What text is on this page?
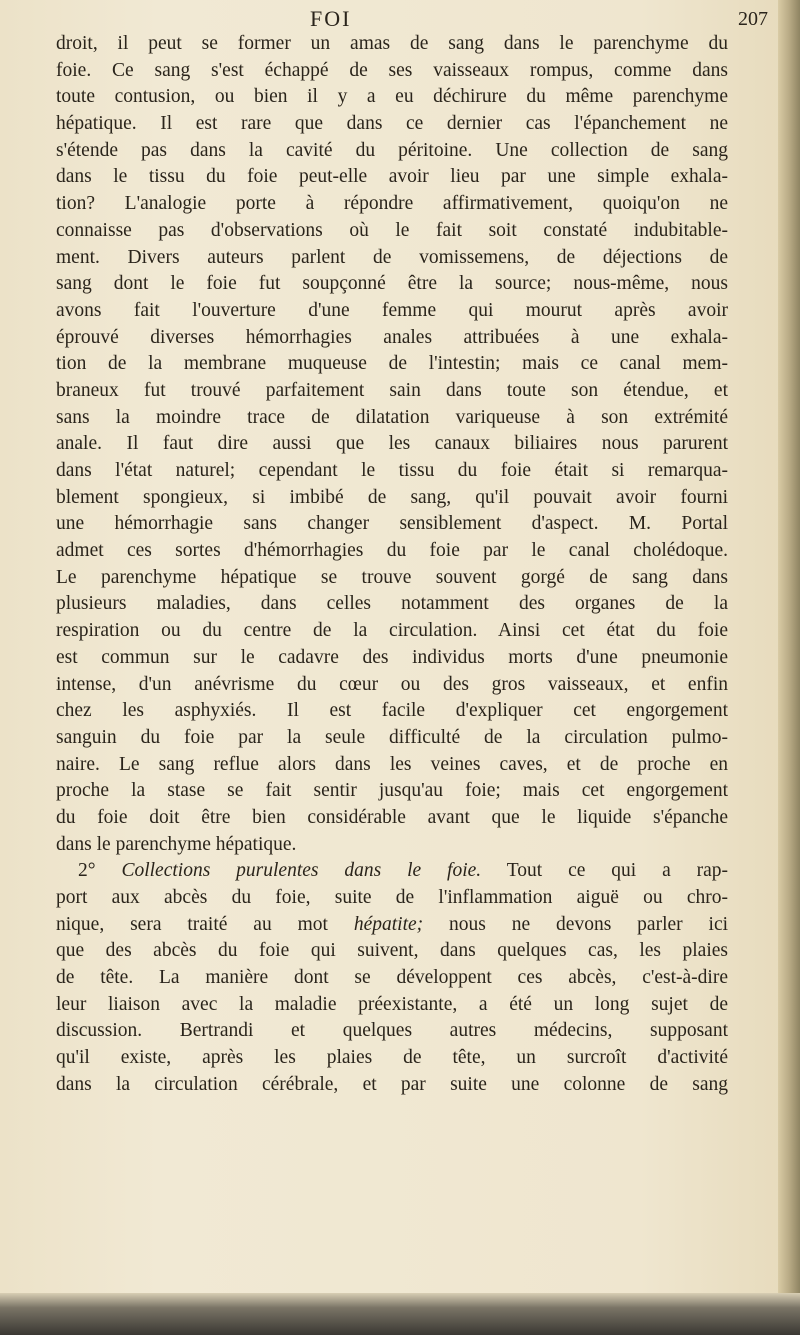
FOI	207
droit, il peut se former un amas de sang dans le parenchyme du
foie. Ce sang s'est échappé de ses vaisseaux rompus, comme dans
toute contusion, ou bien il y a eu déchirure du même parenchyme
hépatique. Il est rare que dans ce dernier cas l'épanchement ne
s'étende pas dans la cavité du péritoine. Une collection de sang
dans le tissu du foie peut-elle avoir lieu par une simple exhala-
tion? L'analogie porte à répondre affirmativement, quoiqu'on ne
connaisse pas d'observations où le fait soit constaté indubitable-
ment. Divers auteurs parlent de vomissemens, de déjections de
sang dont le foie fut soupçonné être la source; nous-même, nous
avons fait l'ouverture d'une femme qui mourut après avoir
éprouvé diverses hémorrhagies anales attribuées à une exhala-
tion de la membrane muqueuse de l'intestin; mais ce canal mem-
braneux fut trouvé parfaitement sain dans toute son étendue, et
sans la moindre trace de dilatation variqueuse à son extrémité
anale. Il faut dire aussi que les canaux biliaires nous parurent
dans l'état naturel; cependant le tissu du foie était si remarqua-
blement spongieux, si imbibé de sang, qu'il pouvait avoir fourni
une hémorrhagie sans changer sensiblement d'aspect. M. Portal
admet ces sortes d'hémorrhagies du foie par le canal cholédoque.
Le parenchyme hépatique se trouve souvent gorgé de sang dans
plusieurs maladies, dans celles notamment des organes de la
respiration ou du centre de la circulation. Ainsi cet état du foie
est commun sur le cadavre des individus morts d'une pneumonie
intense, d'un anévrisme du cœur ou des gros vaisseaux, et enfin
chez les asphyxiés. Il est facile d'expliquer cet engorgement
sanguin du foie par la seule difficulté de la circulation pulmo-
naire. Le sang reflue alors dans les veines caves, et de proche en
proche la stase se fait sentir jusqu'au foie; mais cet engorgement
du foie doit être bien considérable avant que le liquide s'épanche
dans le parenchyme hépatique.
2° Collections purulentes dans le foie. Tout ce qui a rap-
port aux abcès du foie, suite de l'inflammation aiguë ou chro-
nique, sera traité au mot hépatite; nous ne devons parler ici
que des abcès du foie qui suivent, dans quelques cas, les plaies
de tête. La manière dont se développent ces abcès, c'est-à-dire
leur liaison avec la maladie préexistante, a été un long sujet de
discussion. Bertrandi et quelques autres médecins, supposant
qu'il existe, après les plaies de tête, un surcroît d'activité
dans la circulation cérébrale, et par suite une colonne de sang
